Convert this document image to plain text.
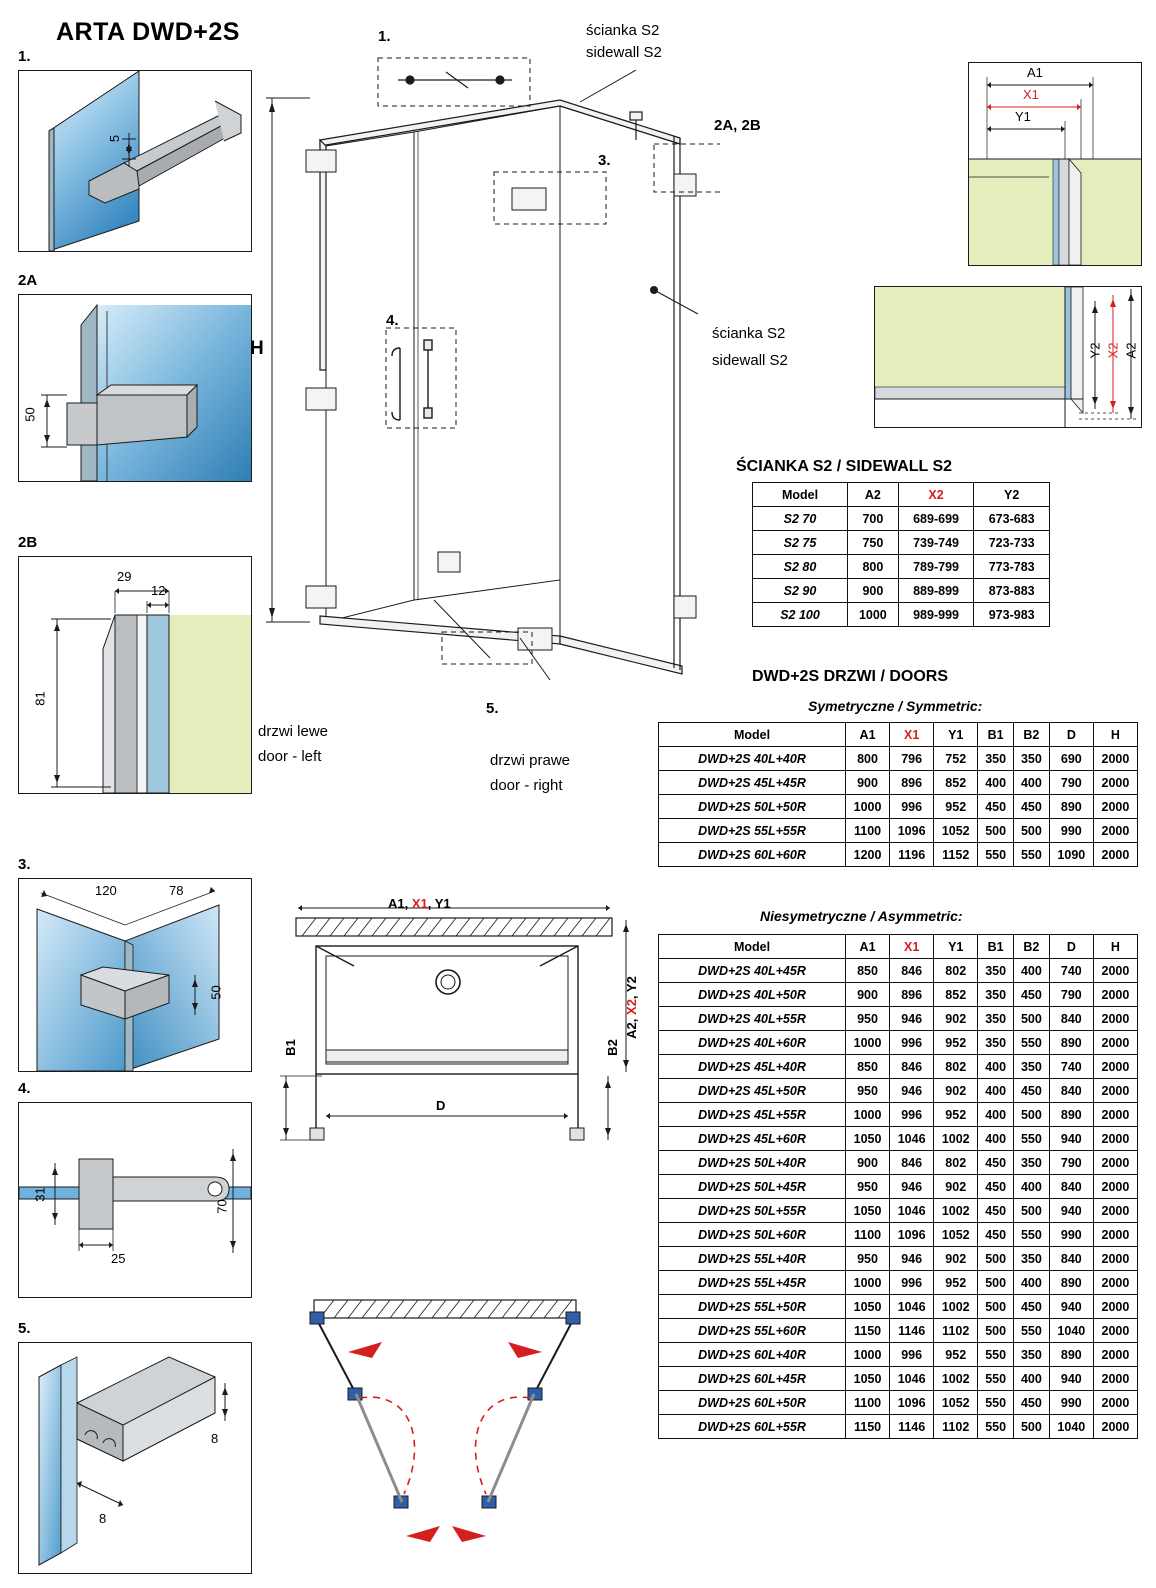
ARTA DWD+2S
1.
5
2A
50
2B
29
12
81
3.
120	78
50
4.
31
25
70
5.
8
8
1.	ścianka S2
sidewall S2
2A, 2B
3.
4.
5.
ścianka S2
sidewall S2
H
drzwi lewe
door - left	drzwi prawe
door - right
A1
X1
Y1
Y2 X2 A2
ŚCIANKA S2 / SIDEWALL S2
Model	A2	X2	Y2
S2 70	700	689-699	673-683
S2 75	750	739-749	723-733
S2 80	800	789-799	773-783
S2 90	900	889-899	873-883
S2 100	1000	989-999	973-983
DWD+2S DRZWI / DOORS
Symetryczne / Symmetric:
Model	A1	X1	Y1	B1	B2	D	H
DWD+2S 40L+40R	800	796	752	350	350	690	2000
DWD+2S 45L+45R	900	896	852	400	400	790	2000
DWD+2S 50L+50R	1000	996	952	450	450	890	2000
DWD+2S 55L+55R	1100	1096	1052	500	500	990	2000
DWD+2S 60L+60R	1200	1196	1152	550	550	1090	2000
Niesymetryczne / Asymmetric:
Model	A1	X1	Y1	B1	B2	D	H
DWD+2S 40L+45R	850	846	802	350	400	740	2000
DWD+2S 40L+50R	900	896	852	350	450	790	2000
DWD+2S 40L+55R	950	946	902	350	500	840	2000
DWD+2S 40L+60R	1000	996	952	350	550	890	2000
DWD+2S 45L+40R	850	846	802	400	350	740	2000
DWD+2S 45L+50R	950	946	902	400	450	840	2000
DWD+2S 45L+55R	1000	996	952	400	500	890	2000
DWD+2S 45L+60R	1050	1046	1002	400	550	940	2000
DWD+2S 50L+40R	900	846	802	450	350	790	2000
DWD+2S 50L+45R	950	946	902	450	400	840	2000
DWD+2S 50L+55R	1050	1046	1002	450	500	940	2000
DWD+2S 50L+60R	1100	1096	1052	450	550	990	2000
DWD+2S 55L+40R	950	946	902	500	350	840	2000
DWD+2S 55L+45R	1000	996	952	500	400	890	2000
DWD+2S 55L+50R	1050	1046	1002	500	450	940	2000
DWD+2S 55L+60R	1150	1146	1102	500	550	1040	2000
DWD+2S 60L+40R	1000	996	952	550	350	890	2000
DWD+2S 60L+45R	1050	1046	1002	550	400	940	2000
DWD+2S 60L+50R	1100	1096	1052	550	450	990	2000
DWD+2S 60L+55R	1150	1146	1102	550	500	1040	2000
A1, X1, Y1
A2, X2, Y2
B1	B2
D
